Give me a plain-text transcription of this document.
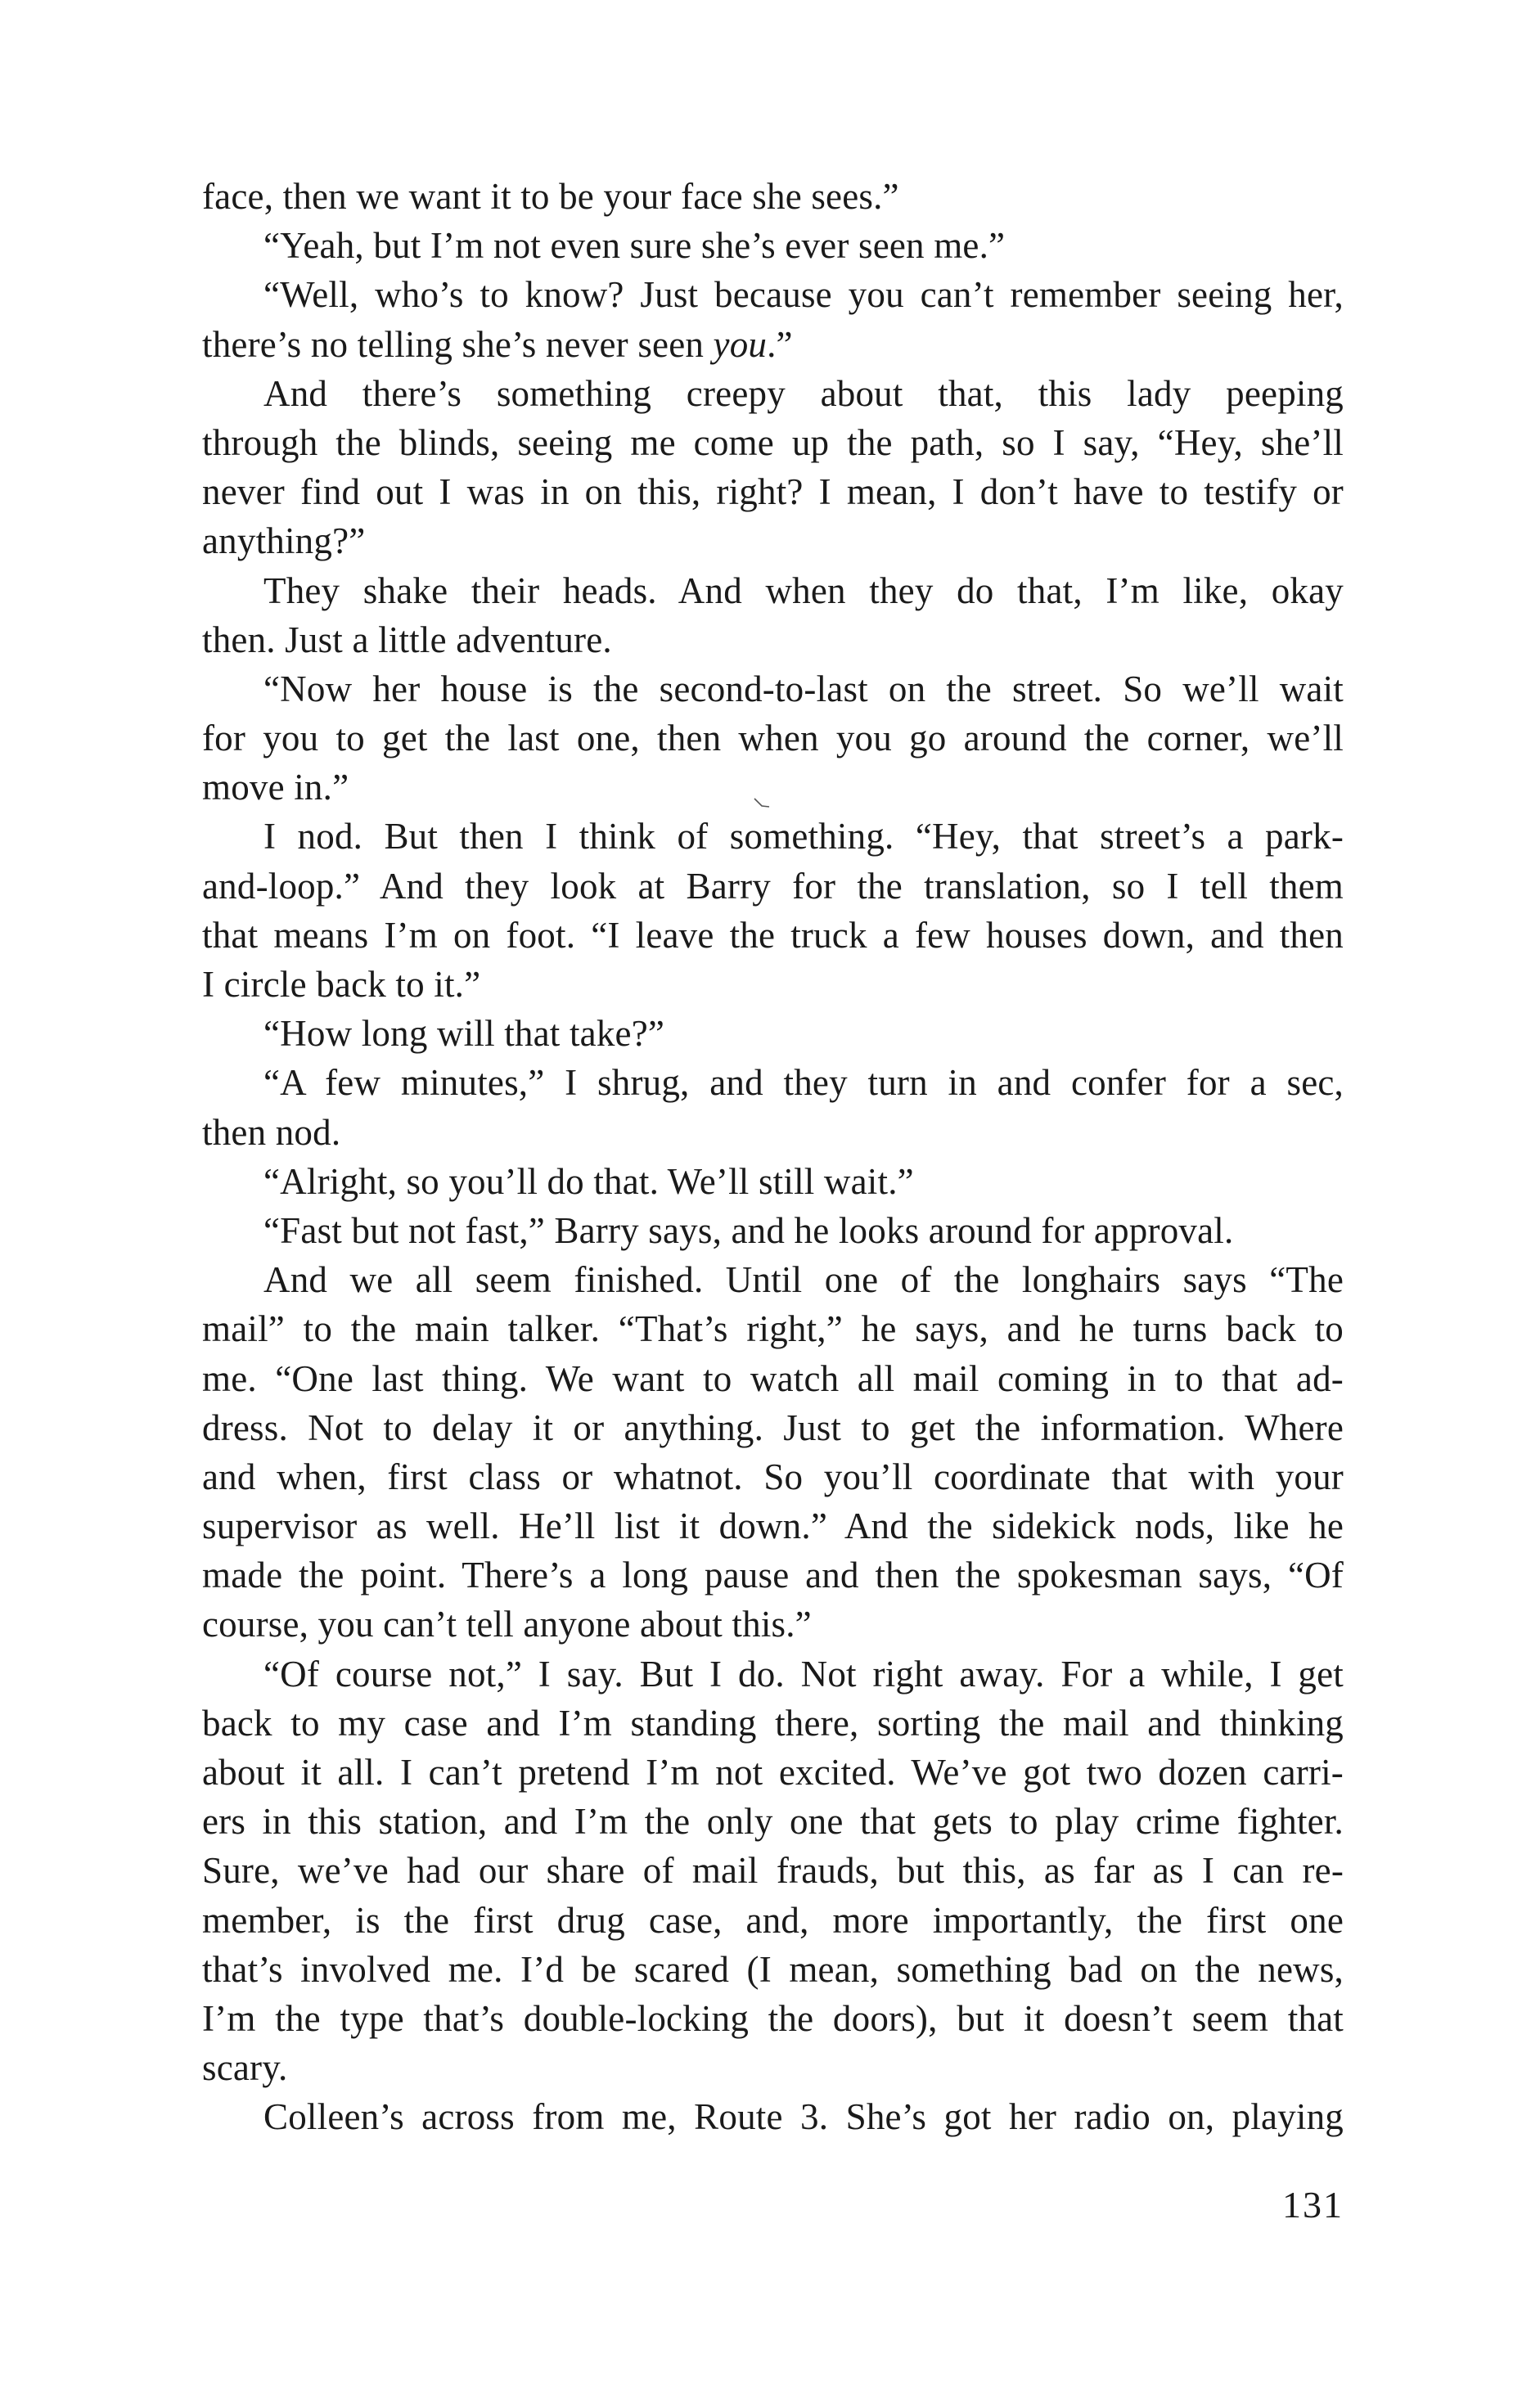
face, then we want it to be your face she sees.”
“Yeah, but I’m not even sure she’s ever seen me.”
“Well, who’s to know? Just because you can’t remember seeing her,
there’s no telling she’s never seen you.”
And there’s something creepy about that, this lady peeping
through the blinds, seeing me come up the path, so I say, “Hey, she’ll
never find out I was in on this, right? I mean, I don’t have to testify or
anything?”
They shake their heads. And when they do that, I’m like, okay
then. Just a little adventure.
“Now her house is the second-to-last on the street. So we’ll wait
for you to get the last one, then when you go around the corner, we’ll
move in.”
I nod. But then I think of something. “Hey, that street’s a park-
and-loop.” And they look at Barry for the translation, so I tell them
that means I’m on foot. “I leave the truck a few houses down, and then
I circle back to it.”
“How long will that take?”
“A few minutes,” I shrug, and they turn in and confer for a sec,
then nod.
“Alright, so you’ll do that. We’ll still wait.”
“Fast but not fast,” Barry says, and he looks around for approval.
And we all seem finished. Until one of the longhairs says “The
mail” to the main talker. “That’s right,” he says, and he turns back to
me. “One last thing. We want to watch all mail coming in to that ad-
dress. Not to delay it or anything. Just to get the information. Where
and when, first class or whatnot. So you’ll coordinate that with your
supervisor as well. He’ll list it down.” And the sidekick nods, like he
made the point. There’s a long pause and then the spokesman says, “Of
course, you can’t tell anyone about this.”
“Of course not,” I say. But I do. Not right away. For a while, I get
back to my case and I’m standing there, sorting the mail and thinking
about it all. I can’t pretend I’m not excited. We’ve got two dozen carri-
ers in this station, and I’m the only one that gets to play crime fighter.
Sure, we’ve had our share of mail frauds, but this, as far as I can re-
member, is the first drug case, and, more importantly, the first one
that’s involved me. I’d be scared (I mean, something bad on the news,
I’m the type that’s double-locking the doors), but it doesn’t seem that
scary.
Colleen’s across from me, Route 3. She’s got her radio on, playing
131
